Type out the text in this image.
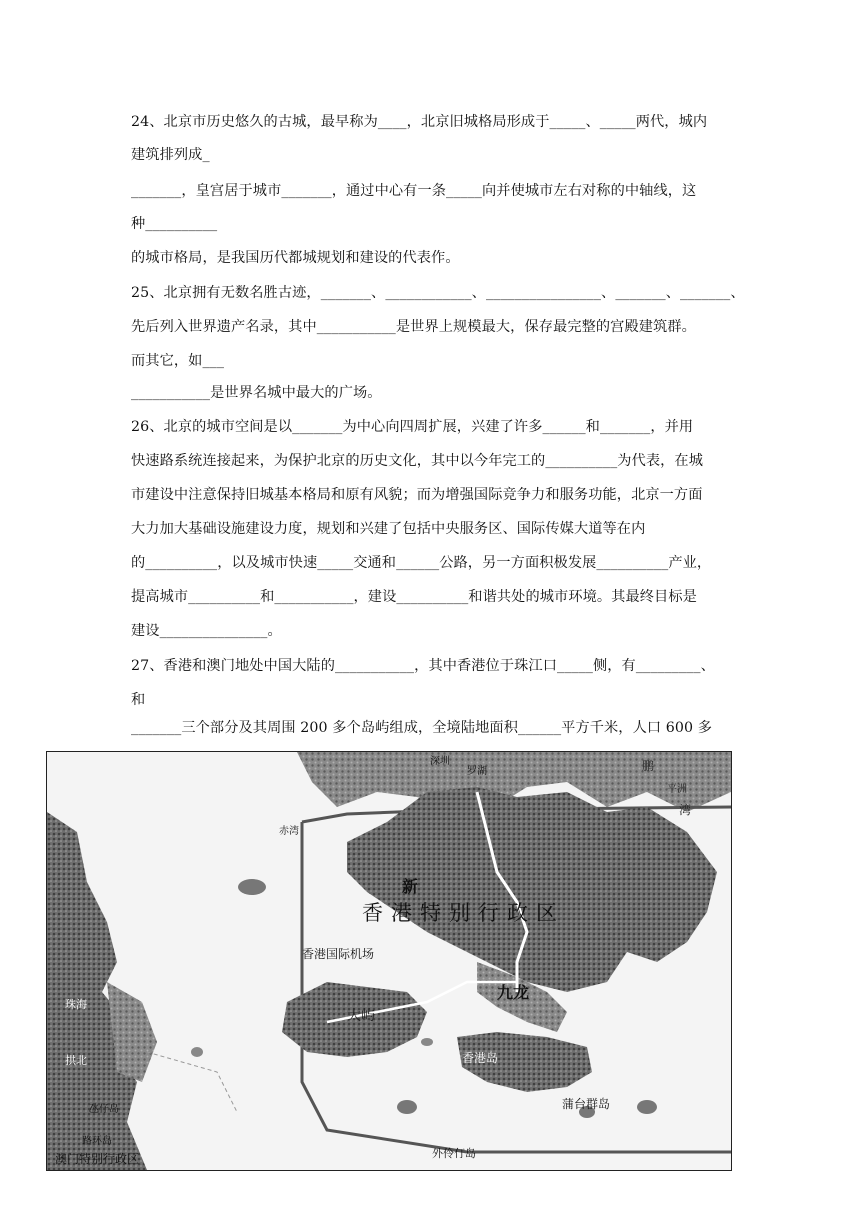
24、北京市历史悠久的古城，最早称为____，北京旧城格局形成于_____、_____两代，城内
建筑排列成_
_______，皇宫居于城市_______，通过中心有一条_____向并使城市左右对称的中轴线，这
种__________
的城市格局，是我国历代都城规划和建设的代表作。
25、北京拥有无数名胜古迹，_______、____________、________________、_______、_______、
先后列入世界遗产名录，其中___________是世界上规模最大，保存最完整的宫殿建筑群。
而其它，如___
___________是世界名城中最大的广场。
26、北京的城市空间是以_______为中心向四周扩展，兴建了许多______和_______，并用
快速路系统连接起来，为保护北京的历史文化，其中以今年完工的__________为代表，在城
市建设中注意保持旧城基本格局和原有风貌；而为增强国际竞争力和服务功能，北京一方面
大力加大基础设施建设力度，规划和兴建了包括中央服务区、国际传媒大道等在内
的__________，以及城市快速_____交通和______公路，另一方面积极发展__________产业，
提高城市__________和___________，建设__________和谐共处的城市环境。其最终目标是
建设_______________。
27、香港和澳门地处中国大陆的___________，其中香港位于珠江口_____侧，有_________、
和
_______三个部分及其周围 200 多个岛屿组成，全境陆地面积______平方千米，人口 600 多
深圳
罗湖	鹏
平洲
湾
赤湾
新
香港特别行政区
香港国际机场
九龙
大屿
香港岛
珠海
拱北
氹仔岛
路环岛
澳门特别行政区	外伶仃岛
蒲台群岛
